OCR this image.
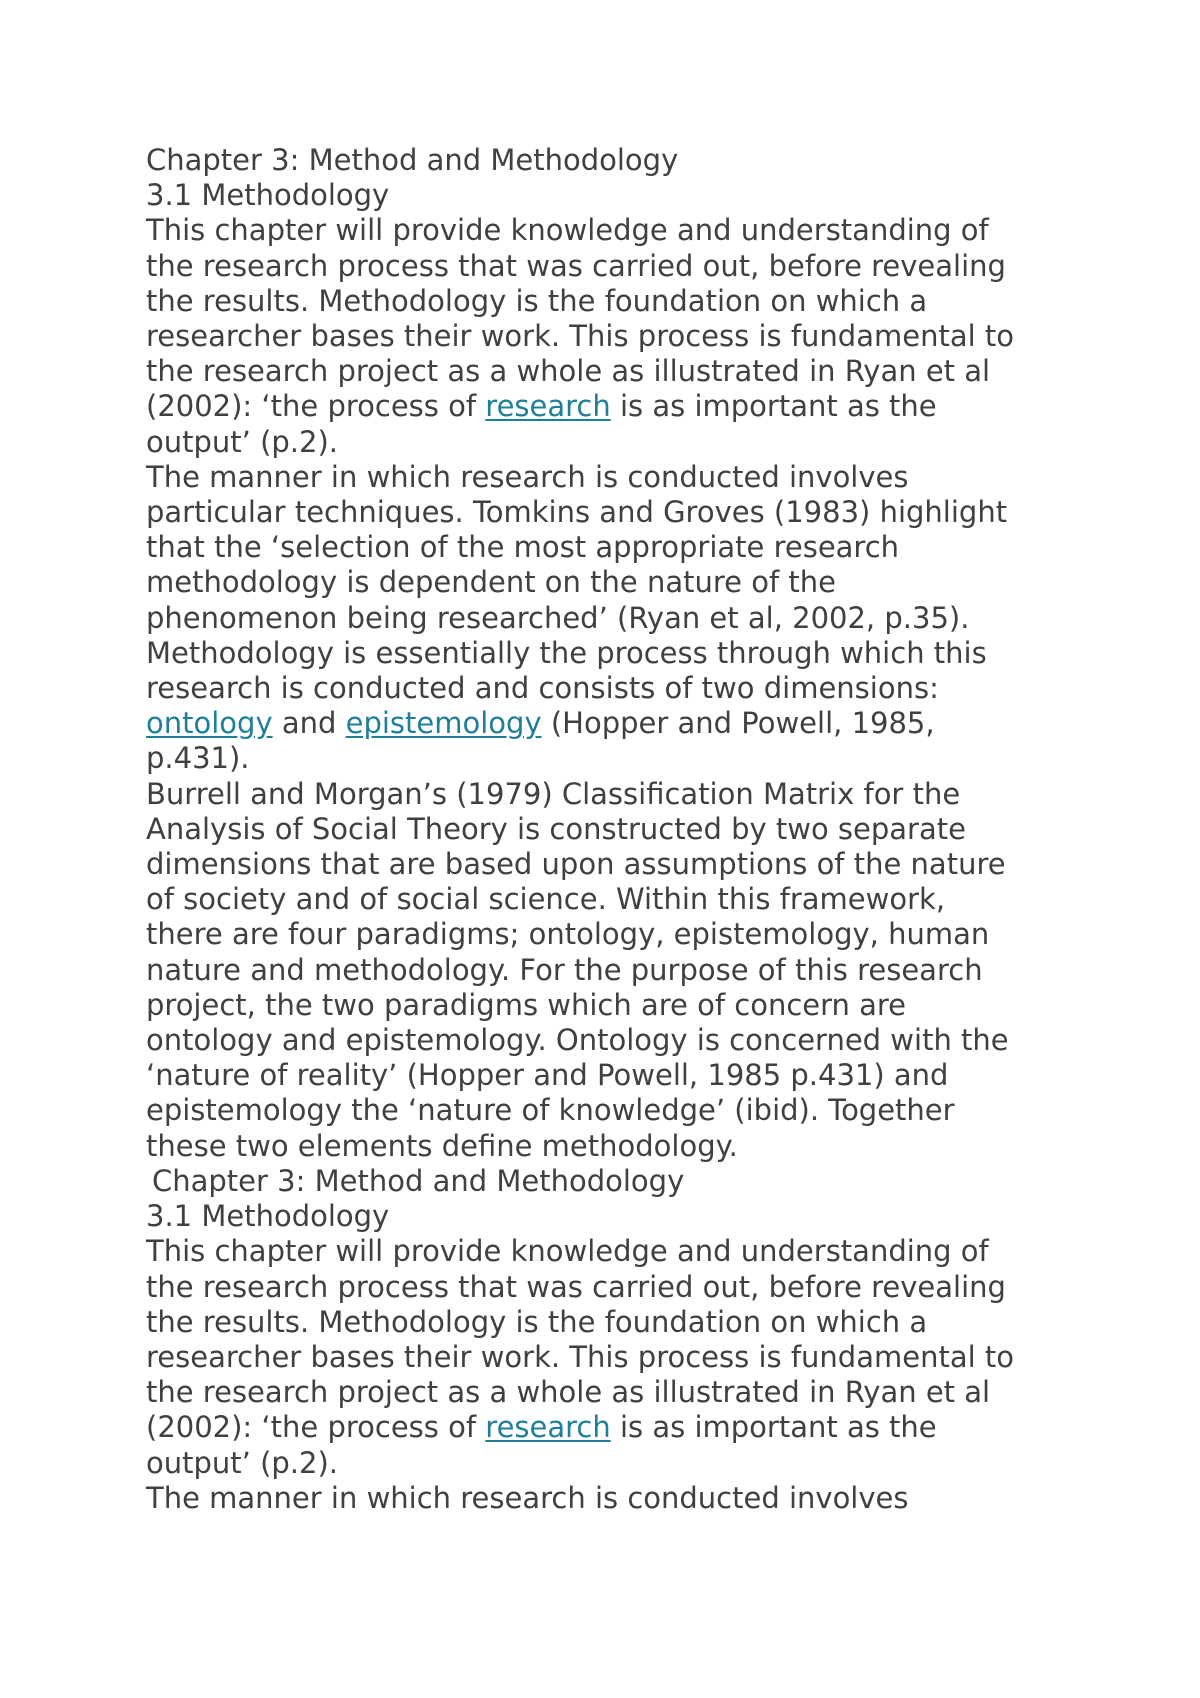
Chapter 3: Method and Methodology
3.1 Methodology
This chapter will provide knowledge and understanding of
the research process that was carried out, before revealing
the results. Methodology is the foundation on which a
researcher bases their work. This process is fundamental to
the research project as a whole as illustrated in Ryan et al
(2002): ‘the process of research is as important as the
output’ (p.2).
The manner in which research is conducted involves
particular techniques. Tomkins and Groves (1983) highlight
that the ‘selection of the most appropriate research
methodology is dependent on the nature of the
phenomenon being researched’ (Ryan et al, 2002, p.35).
Methodology is essentially the process through which this
research is conducted and consists of two dimensions:
ontology and epistemology (Hopper and Powell, 1985,
p.431).
Burrell and Morgan’s (1979) Classification Matrix for the
Analysis of Social Theory is constructed by two separate
dimensions that are based upon assumptions of the nature
of society and of social science. Within this framework,
there are four paradigms; ontology, epistemology, human
nature and methodology. For the purpose of this research
project, the two paradigms which are of concern are
ontology and epistemology. Ontology is concerned with the
‘nature of reality’ (Hopper and Powell, 1985 p.431) and
epistemology the ‘nature of knowledge’ (ibid). Together
these two elements define methodology.
Chapter 3: Method and Methodology
3.1 Methodology
This chapter will provide knowledge and understanding of
the research process that was carried out, before revealing
the results. Methodology is the foundation on which a
researcher bases their work. This process is fundamental to
the research project as a whole as illustrated in Ryan et al
(2002): ‘the process of research is as important as the
output’ (p.2).
The manner in which research is conducted involves
